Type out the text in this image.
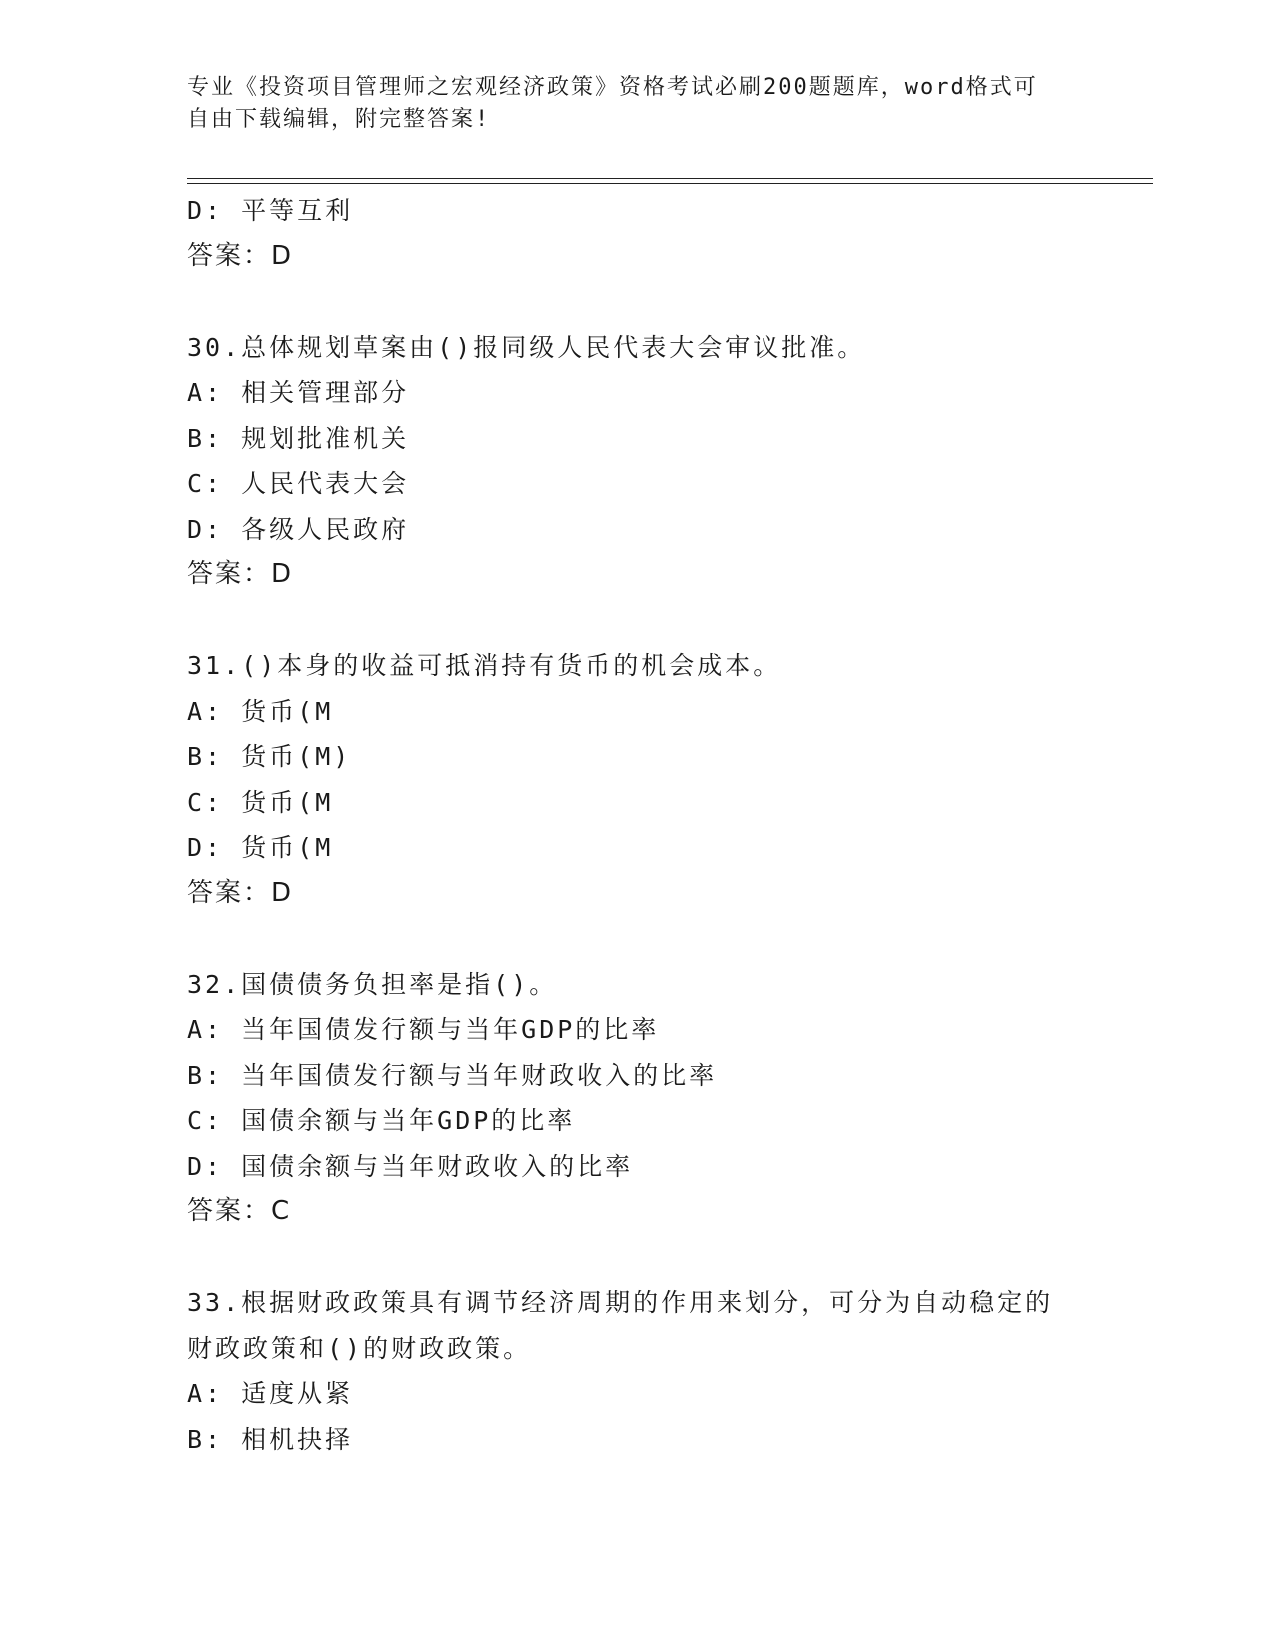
专业《投资项目管理师之宏观经济政策》资格考试必刷200题题库，word格式可
自由下载编辑，附完整答案!
D: 平等互利
答案：D
30.总体规划草案由()报同级人民代表大会审议批准。
A: 相关管理部分
B: 规划批准机关
C: 人民代表大会
D: 各级人民政府
答案：D
31.()本身的收益可抵消持有货币的机会成本。
A: 货币(M
B: 货币(M)
C: 货币(M
D: 货币(M
答案：D
32.国债债务负担率是指()。
A: 当年国债发行额与当年GDP的比率
B: 当年国债发行额与当年财政收入的比率
C: 国债余额与当年GDP的比率
D: 国债余额与当年财政收入的比率
答案：C
33.根据财政政策具有调节经济周期的作用来划分，可分为自动稳定的
财政政策和()的财政政策。
A: 适度从紧
B: 相机抉择
